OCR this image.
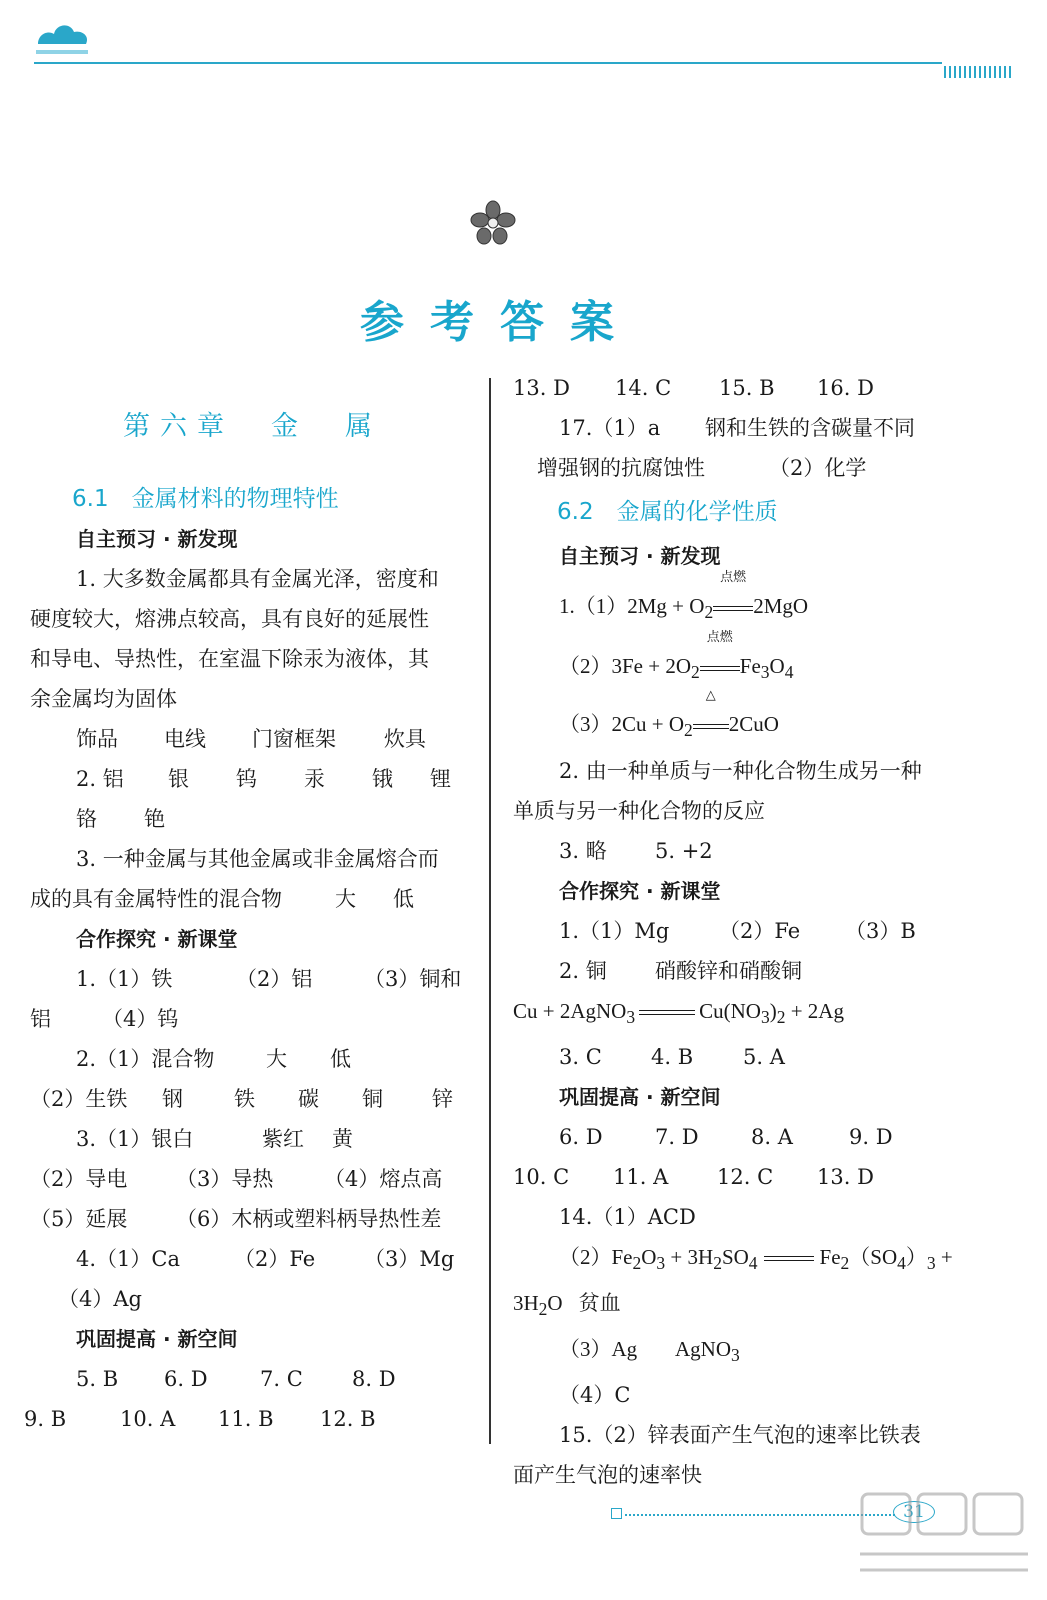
参考答案
第六章　金　属
6.1　金属材料的物理特性
自主预习 · 新发现
1. 大多数金属都具有金属光泽，密度和
硬度较大，熔沸点较高，具有良好的延展性
和导电、导热性，在室温下除汞为液体，其
余金属均为固体
饰品 电线 门窗框架 炊具
2. 铝 银 钨 汞 锇 锂
铬 铯
3. 一种金属与其他金属或非金属熔合而
成的具有金属特性的混合物	大 低
合作探究 · 新课堂
1.（1）铁	（2）铝 （3）铜和
铝 （4）钨
2.（1）混合物 大 低
（2）生铁 钢 铁 碳 铜 锌
3.（1）银白	紫红 黄
（2）导电 （3）导热 （4）熔点高
（5）延展 （6）木柄或塑料柄导热性差
4.（1）Ca	（2）Fe （3）Mg
（4）Ag
巩固提高 · 新空间
5. B 6. D 7. C 8. D
9. B	10. A 11. B 12. B
13. D 14. C 15. B 16. D
17.（1）a 钢和生铁的含碳量不同
增强钢的抗腐蚀性	（2）化学
6.2　金属的化学性质
自主预习 · 新发现
$1.(1)2Mg + O_2$
点燃
2MgO
$(2)3Fe + 2O_2$
点燃
$Fe_3O_4$
$(3)2Cu + O_2$
△
2CuO
2. 由一种单质与一种化合物生成另一种
单质与另一种化合物的反应
3. 略 5. +2
合作探究 · 新课堂
1.（1）Mg （2）Fe （3）B
2. 铜 硝酸锌和硝酸铜
Cu + 2AgNO$_3$	$Cu(NO_3)_2 + 2Ag$
3. C 4. B 5. A
巩固提高 · 新空间
6. D 7. D 8. A	9. D
10. C 11. A 12. C 13. D
14.（1）ACD
$(2)Fe_2O_3 + 3H_2SO_4$	$Fe_2(SO_4)_3$ +
$3H_2O$ 贫血
（3）Ag AgNO$_3$
（4）C
15.（2）锌表面产生气泡的速率比铁表
面产生气泡的速率快
31
